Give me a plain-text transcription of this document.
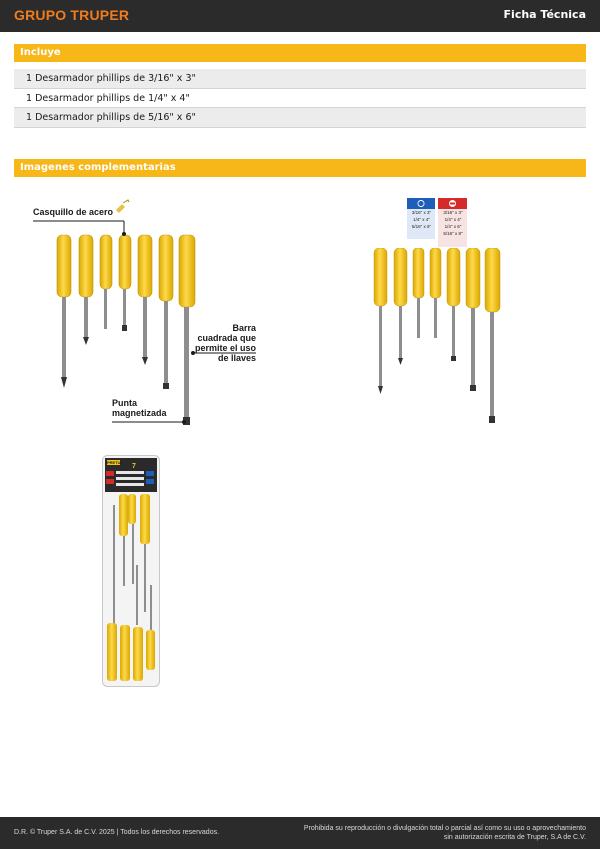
GRUPO TRUPER	Ficha Técnica
Incluye
1 Desarmador phillips de 3/16" x 3"
1 Desarmador phillips de 1/4" x 4"
1 Desarmador phillips de 5/16" x 6"
Imagenes complementarias
Casquillo de acero
Barra cuadrada que permite el uso de llaves
Punta magnetizada
3/16" x 3"
1/4" x 4"
5/16" x 6"
3/16" x 3"
1/4" x 4"
1/4" x 6"
5/16" x 8"
PRETUL
7
D.R. © Truper S.A. de C.V. 2025 | Todos los derechos reservados.
Prohibida su reproducción o divulgación total o parcial así como su uso o aprovechamiento sin autorización escrita de Truper, S.A de C.V.
